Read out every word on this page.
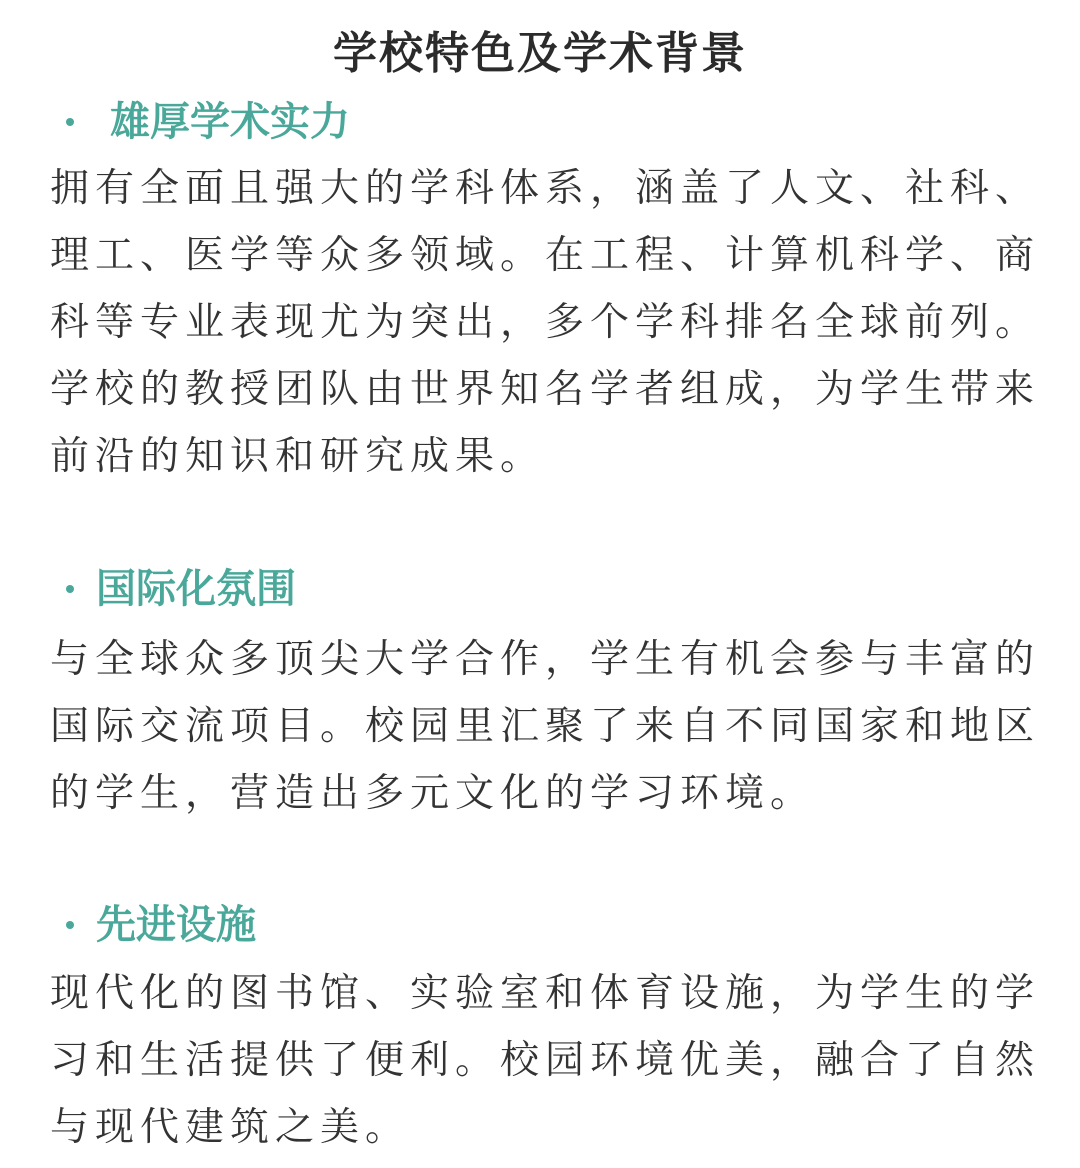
学校特色及学术背景
雄厚学术实力
拥有全面且强大的学科体系，涵盖了人文、社科、
理工、医学等众多领域。在工程、计算机科学、商
科等专业表现尤为突出，多个学科排名全球前列。
学校的教授团队由世界知名学者组成，为学生带来
前沿的知识和研究成果。
国际化氛围
与全球众多顶尖大学合作，学生有机会参与丰富的
国际交流项目。校园里汇聚了来自不同国家和地区
的学生，营造出多元文化的学习环境。
先进设施
现代化的图书馆、实验室和体育设施，为学生的学
习和生活提供了便利。校园环境优美，融合了自然
与现代建筑之美。
